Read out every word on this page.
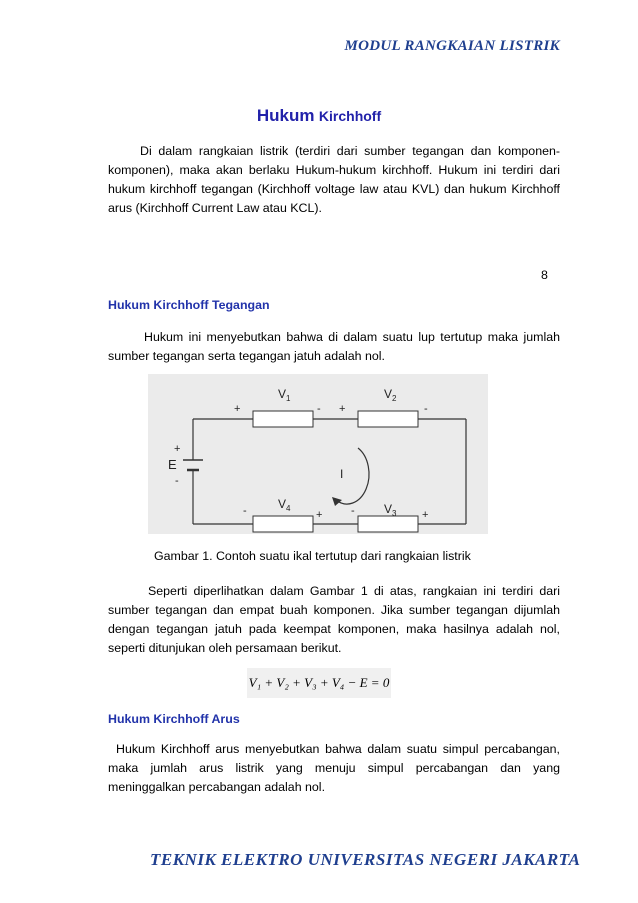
MODUL RANGKAIAN LISTRIK
Hukum Kirchhoff
Di dalam rangkaian listrik (terdiri dari sumber tegangan dan komponen-komponen), maka akan berlaku Hukum-hukum kirchhoff. Hukum ini terdiri dari hukum kirchhoff tegangan (Kirchhoff voltage law atau KVL) dan hukum Kirchhoff arus (Kirchhoff Current Law atau KCL).
8
Hukum Kirchhoff Tegangan
Hukum ini menyebutkan bahwa di dalam suatu lup tertutup maka jumlah sumber tegangan serta tegangan jatuh adalah nol.
$V_1$	$V_2$
$V_4$	$V_3$
E
I
+	- +	-
+
-
-	+	-	+
Gambar 1. Contoh suatu ikal tertutup dari rangkaian listrik
Seperti diperlihatkan dalam Gambar 1 di atas, rangkaian ini terdiri dari sumber tegangan dan empat buah komponen. Jika sumber tegangan dijumlah dengan tegangan jatuh pada keempat komponen, maka hasilnya adalah nol, seperti ditunjukan oleh persamaan berikut.
V₁ + V₂ + V₃ + V₄ − E = 0
Hukum Kirchhoff Arus
Hukum Kirchhoff arus menyebutkan bahwa dalam suatu simpul percabangan, maka jumlah arus listrik yang menuju simpul percabangan dan yang meninggalkan percabangan adalah nol.
TEKNIK ELEKTRO UNIVERSITAS NEGERI JAKARTA
